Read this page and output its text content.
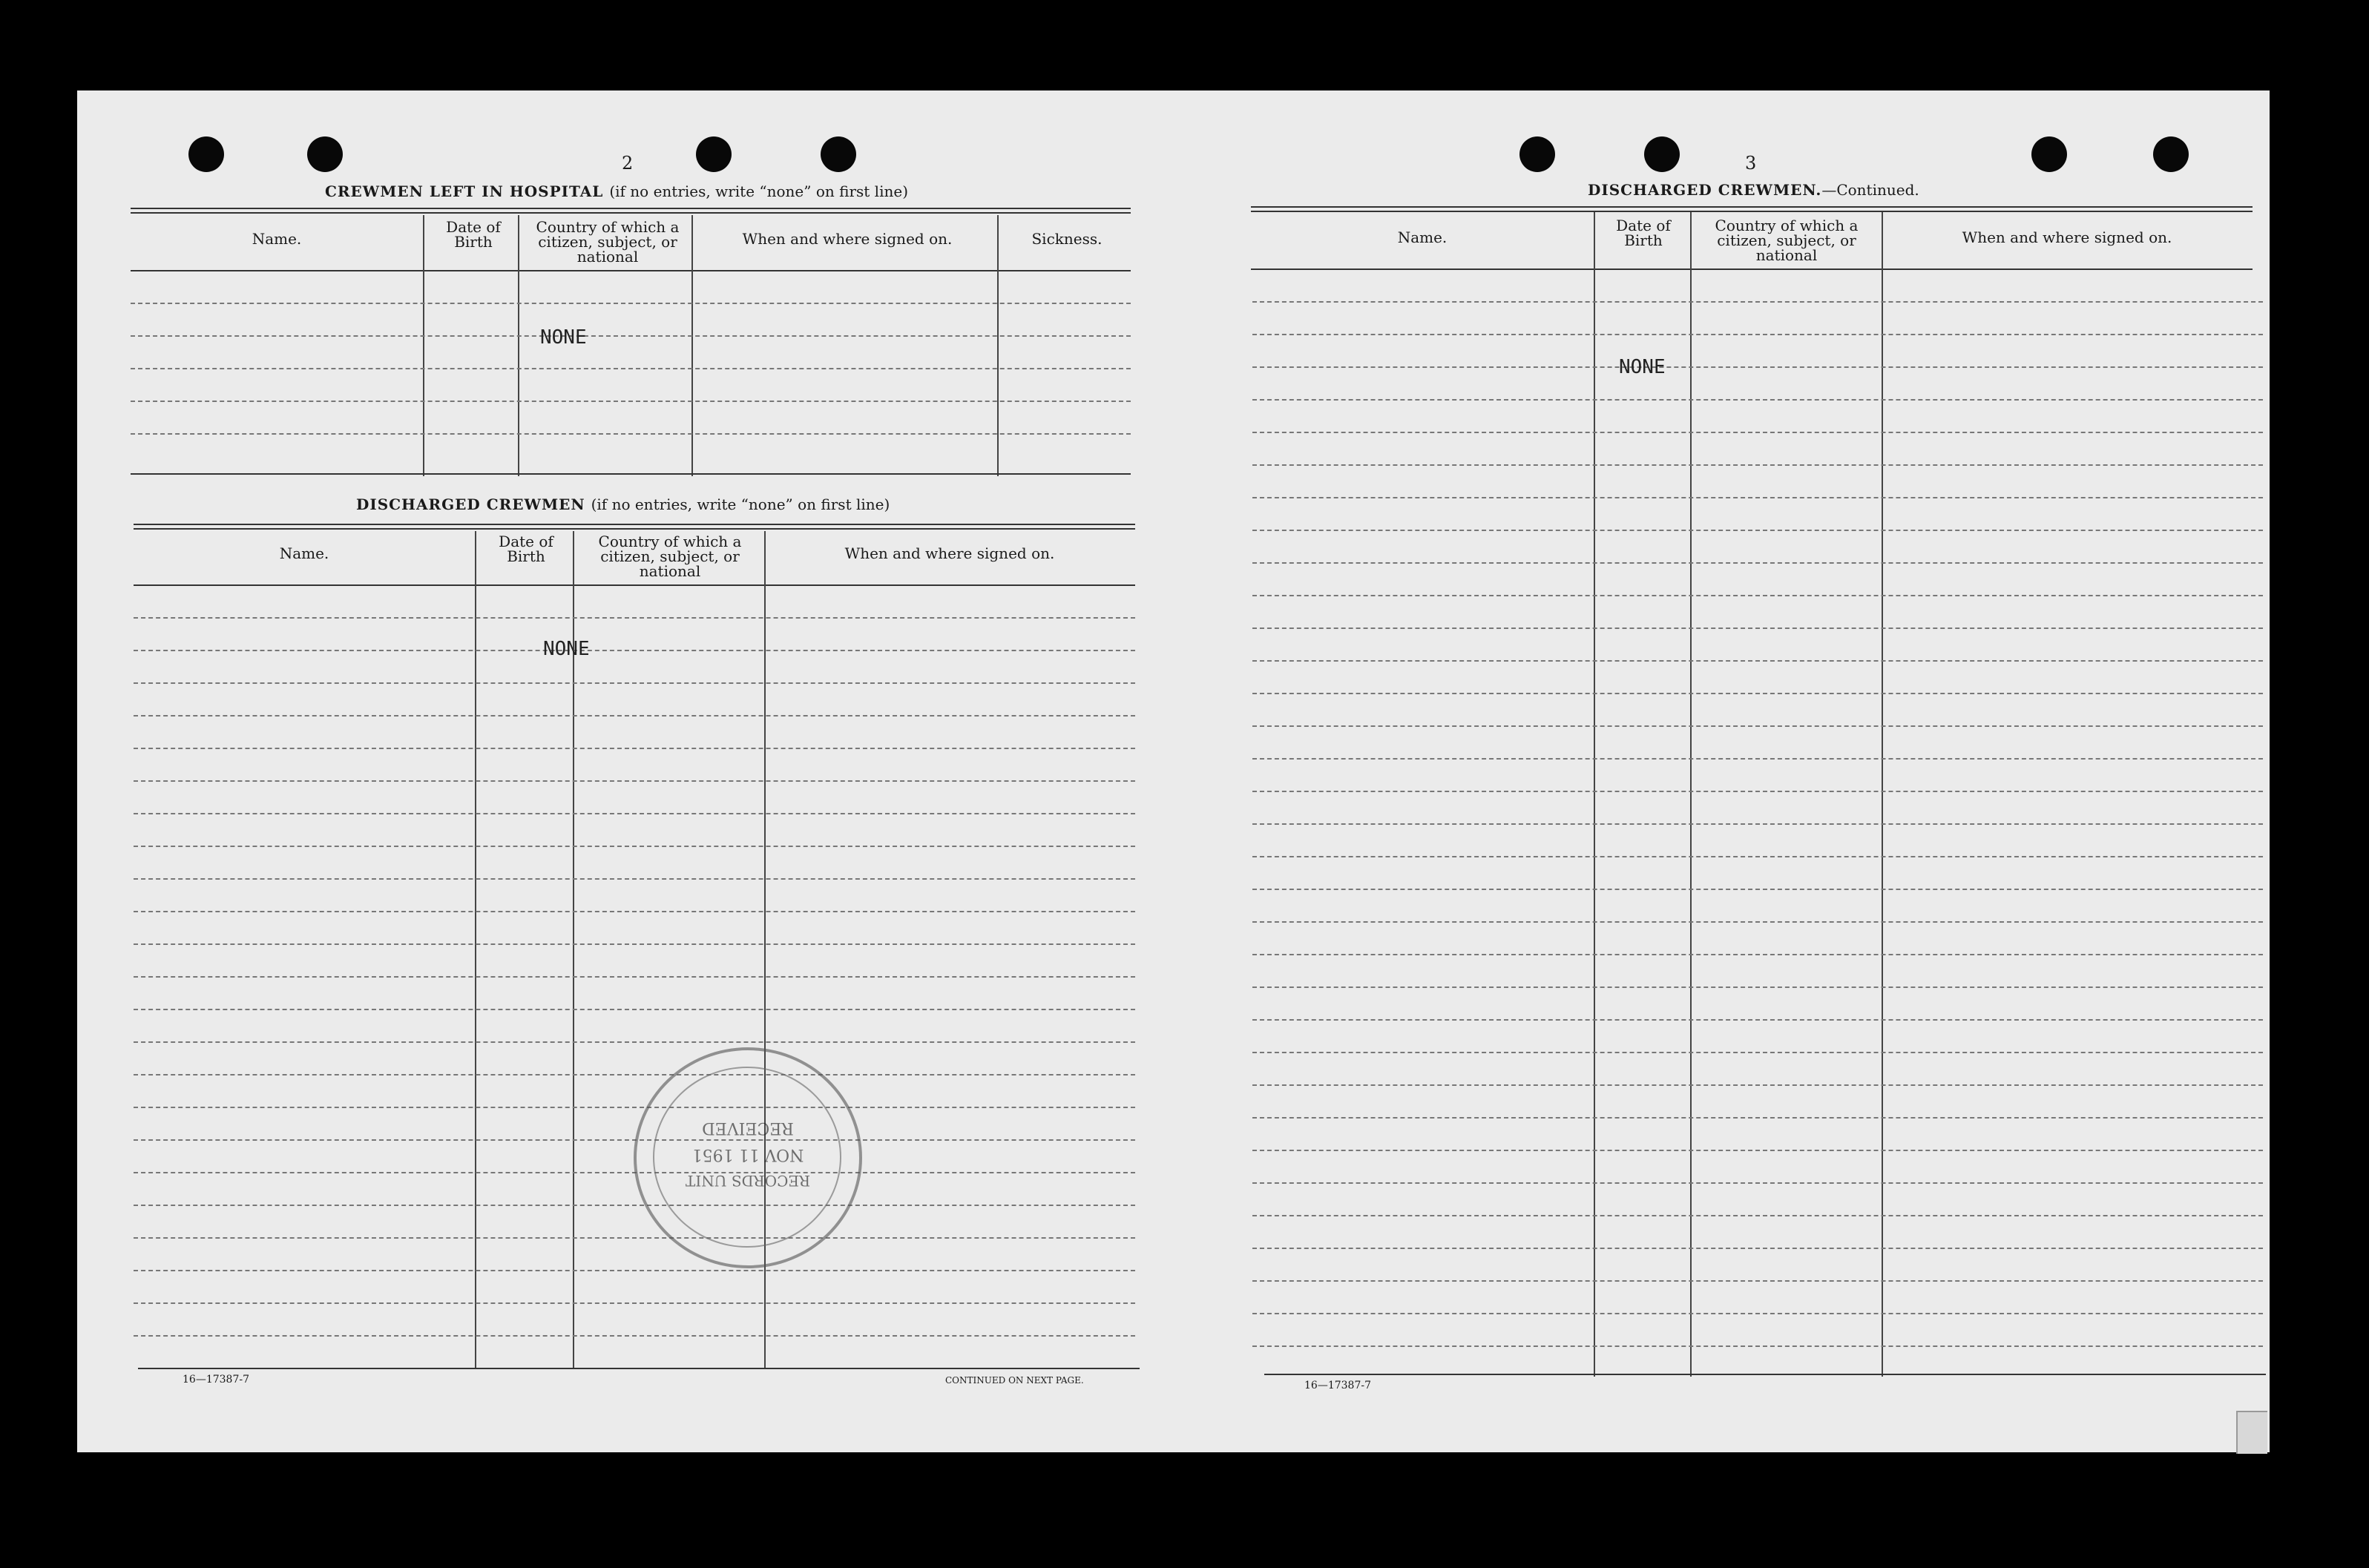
2
CREWMEN LEFT IN HOSPITAL (if no entries, write “none” on first line)
Name.
Date of Birth
Country of which a citizen, subject, or national
When and where signed on.	Sickness.
NONE
DISCHARGED CREWMEN (if no entries, write “none” on first line)
Name.
Date of Birth
Country of which a citizen, subject, or national
When and where signed on.
NONE
16—17387-7	CONTINUED ON NEXT PAGE.
RECEIVED
NOV 11 1951
RECORDS UNIT
3
DISCHARGED CREWMEN.—Continued.
Name.
Date of Birth
Country of which a citizen, subject, or national
When and where signed on.
NONE
16—17387-7
